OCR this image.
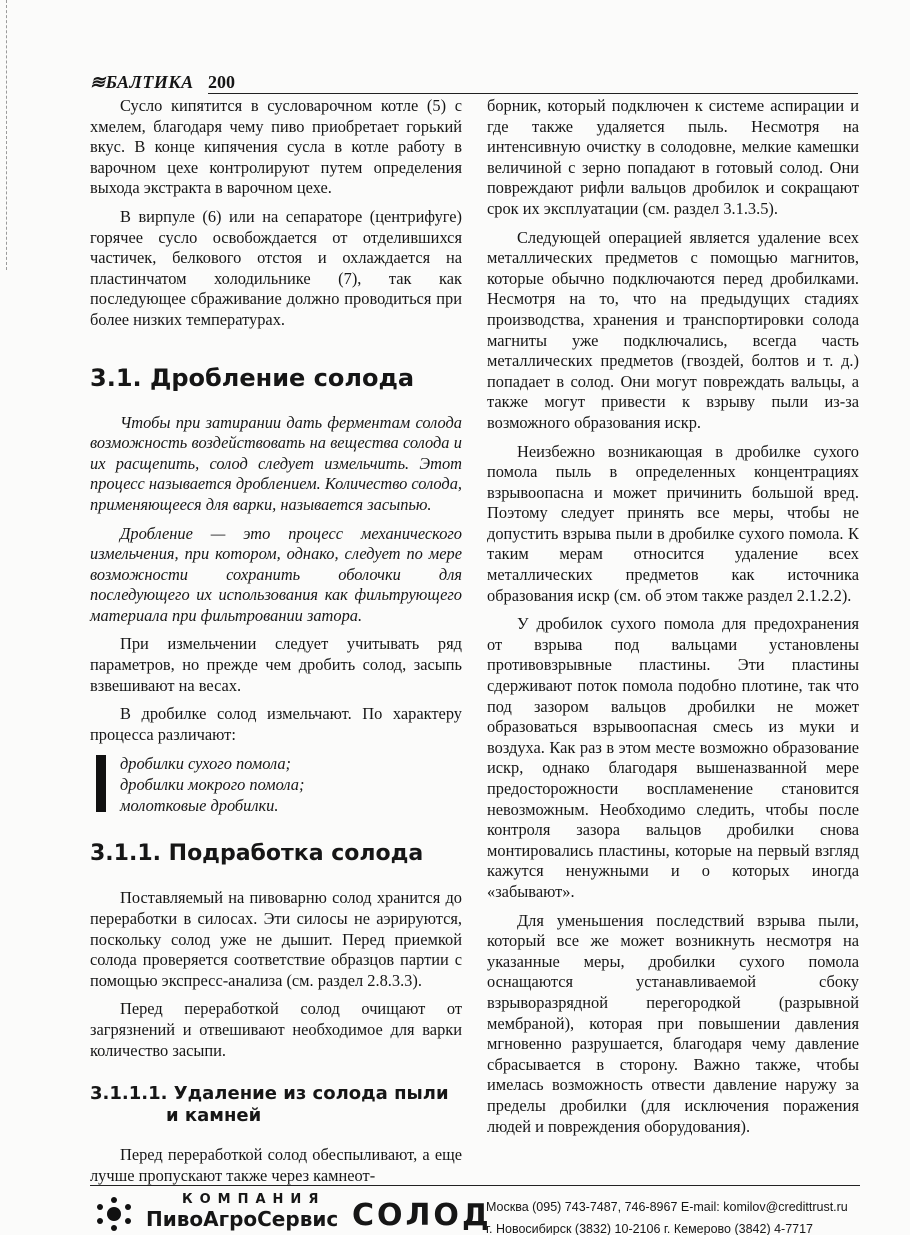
≋БАЛТИКА 200

Сусло кипятится в сусловарочном котле (5) с хмелем, благодаря чему пиво приобретает горький вкус. В конце кипячения сусла в котле работу в варочном цехе контролируют путем определения выхода экстракта в варочном цехе.

В вирпуле (6) или на сепараторе (центрифуге) горячее сусло освобождается от отделившихся частичек, белкового отстоя и охлаждается на пластинчатом холодильнике (7), так как последующее сбраживание должно проводиться при более низких температурах.

3.1. Дробление солода

Чтобы при затирании дать ферментам солода возможность воздействовать на вещества солода и их расщепить, солод следует измельчить. Этот процесс называется дроблением. Количество солода, применяющееся для варки, называется засыпью.

Дробление — это процесс механического измельчения, при котором, однако, следует по мере возможности сохранить оболочки для последующего их использования как фильтрующего материала при фильтровании затора.

При измельчении следует учитывать ряд параметров, но прежде чем дробить солод, засыпь взвешивают на весах.

В дробилке солод измельчают. По характеру процесса различают:

дробилки сухого помола;
дробилки мокрого помола;
молотковые дробилки.
3.1.1. Подработка солода

Поставляемый на пивоварню солод хранится до переработки в силосах. Эти силосы не аэрируются, поскольку солод уже не дышит. Перед приемкой солода проверяется соответствие образцов партии с помощью экспресс-анализа (см. раздел 2.8.3.3).

Перед переработкой солод очищают от загрязнений и отвешивают необходимое для варки количество засыпи.

3.1.1.1. Удаление из солода пыли
и камней

Перед переработкой солод обеспыливают, а еще лучше пропускают также через камнеот-

борник, который подключен к системе аспирации и где также удаляется пыль. Несмотря на интенсивную очистку в солодовне, мелкие камешки величиной с зерно попадают в готовый солод. Они повреждают рифли вальцов дробилок и сокращают срок их эксплуатации (см. раздел 3.1.3.5).

Следующей операцией является удаление всех металлических предметов с помощью магнитов, которые обычно подключаются перед дробилками. Несмотря на то, что на предыдущих стадиях производства, хранения и транспортировки солода магниты уже подключались, всегда часть металлических предметов (гвоздей, болтов и т. д.) попадает в солод. Они могут повреждать вальцы, а также могут привести к взрыву пыли из-за возможного образования искр.

Неизбежно возникающая в дробилке сухого помола пыль в определенных концентрациях взрывоопасна и может причинить большой вред. Поэтому следует принять все меры, чтобы не допустить взрыва пыли в дробилке сухого помола. К таким мерам относится удаление всех металлических предметов как источника образования искр (см. об этом также раздел 2.1.2.2).

У дробилок сухого помола для предохранения от взрыва под вальцами установлены противовзрывные пластины. Эти пластины сдерживают поток помола подобно плотине, так что под зазором вальцов дробилки не может образоваться взрывоопасная смесь из муки и воздуха. Как раз в этом месте возможно образование искр, однако благодаря вышеназванной мере предосторожности воспламенение становится невозможным. Необходимо следить, чтобы после контроля зазора вальцов дробилки снова монтировались пластины, которые на первый взгляд кажутся ненужными и о которых иногда «забывают».

Для уменьшения последствий взрыва пыли, который все же может возникнуть несмотря на указанные меры, дробилки сухого помола оснащаются устанавливаемой сбоку взрыворазрядной перегородкой (разрывной мембраной), которая при повышении давления мгновенно разрушается, благодаря чему давление сбрасывается в сторону. Важно также, чтобы имелась возможность отвести давление наружу за пределы дробилки (для исключения поражения людей и повреждения оборудования).

КОМПАНИЯ
ПивоАгроСервис СОЛОД
Москва (095) 743-7487, 746-8967 E-mail: komilov@credittrust.ru
г. Новосибирск (3832) 10-2106 г. Кемерово (3842) 4-7717
